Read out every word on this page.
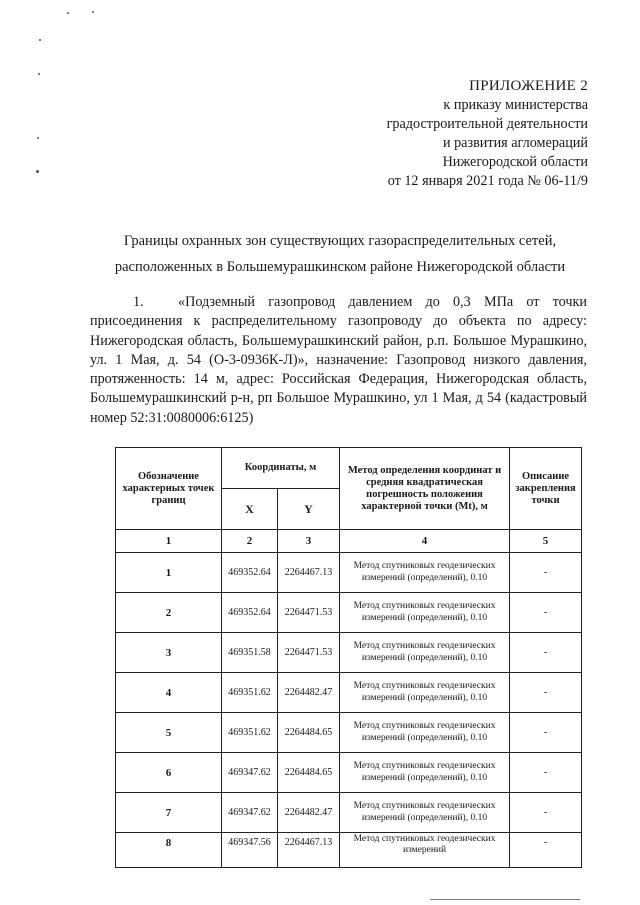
ПРИЛОЖЕНИЕ 2
к приказу министерства
градостроительной деятельности
и развития агломераций
Нижегородской области
от 12 января 2021 года № 06-11/9
Границы охранных зон существующих газораспределительных сетей,
расположенных в Большемурашкинском районе Нижегородской области
1. «Подземный газопровод давлением до 0,3 МПа от точки присоединения к распределительному газопроводу до объекта по адресу: Нижегородская область, Большемурашкинский район, р.п. Большое Мурашкино, ул. 1 Мая, д. 54 (О-3-0936К-Л)», назначение: Газопровод низкого давления, протяженность: 14 м, адрес: Российская Федерация, Нижегородская область, Большемурашкинский р-н, рп Большое Мурашкино, ул 1 Мая, д 54 (кадастровый номер 52:31:0080006:6125)
Обозначение характерных точек границ	Координаты, м		Метод определения координат и средняя квадратическая погрешность положения характерной точки (Mt), м	Описание закрепления точки
	X	Y		
1	2	3	4	5
1	469352.64	2264467.13	Метод спутниковых геодезических измерений (определений), 0.10	-
2	469352.64	2264471.53	Метод спутниковых геодезических измерений (определений), 0.10	-
3	469351.58	2264471.53	Метод спутниковых геодезических измерений (определений), 0.10	-
4	469351.62	2264482.47	Метод спутниковых геодезических измерений (определений), 0.10	-
5	469351.62	2264484.65	Метод спутниковых геодезических измерений (определений), 0.10	-
6	469347.62	2264484.65	Метод спутниковых геодезических измерений (определений), 0.10	-
7	469347.62	2264482.47	Метод спутниковых геодезических измерений (определений), 0.10	-
8	469347.56	2264467.13	Метод спутниковых геодезических измерений	-
